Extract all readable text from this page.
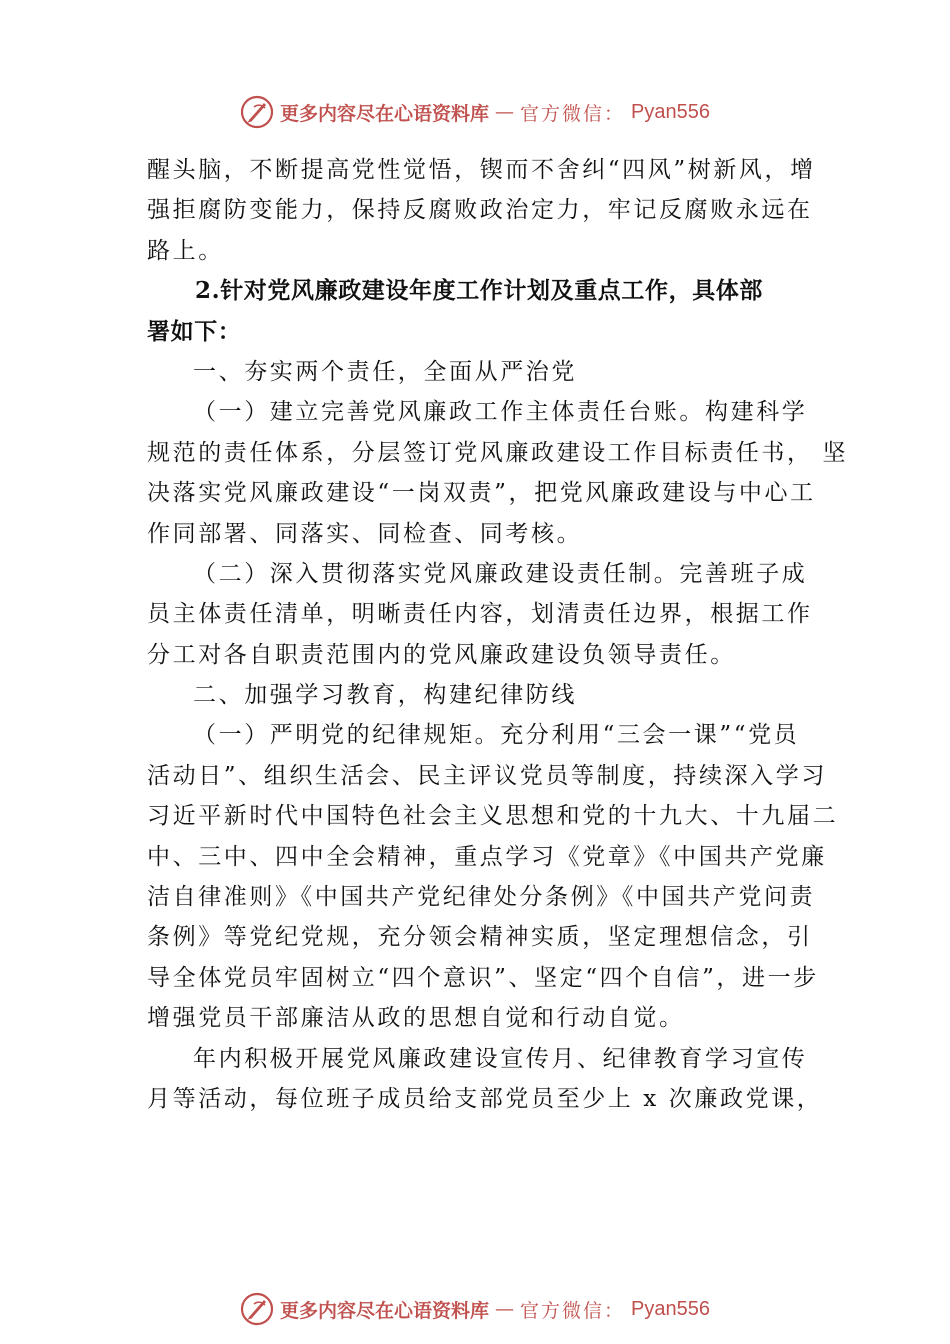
更多内容尽在心语资料库 — 官方微信： Pyan556
醒头脑，不断提高党性觉悟，锲而不舍纠“四风”树新风，增
强拒腐防变能力，保持反腐败政治定力，牢记反腐败永远在
路上。
2.针对党风廉政建设年度工作计划及重点工作，具体部
署如下：
一、夯实两个责任，全面从严治党
（一）建立完善党风廉政工作主体责任台账。构建科学
规范的责任体系，分层签订党风廉政建设工作目标责任书， 坚
决落实党风廉政建设“一岗双责”，把党风廉政建设与中心工
作同部署、同落实、同检查、同考核。
（二）深入贯彻落实党风廉政建设责任制。完善班子成
员主体责任清单，明晰责任内容，划清责任边界，根据工作
分工对各自职责范围内的党风廉政建设负领导责任。
二、加强学习教育，构建纪律防线
（一）严明党的纪律规矩。充分利用“三会一课”“党员
活动日”、组织生活会、民主评议党员等制度，持续深入学习
习近平新时代中国特色社会主义思想和党的十九大、十九届二
中、三中、四中全会精神，重点学习《党章》《中国共产党廉
洁自律准则》《中国共产党纪律处分条例》《中国共产党问责
条例》等党纪党规，充分领会精神实质，坚定理想信念，引
导全体党员牢固树立“四个意识”、坚定“四个自信”，进一步
增强党员干部廉洁从政的思想自觉和行动自觉。
年内积极开展党风廉政建设宣传月、纪律教育学习宣传
月等活动，每位班子成员给支部党员至少上 x 次廉政党课，
更多内容尽在心语资料库 — 官方微信： Pyan556
